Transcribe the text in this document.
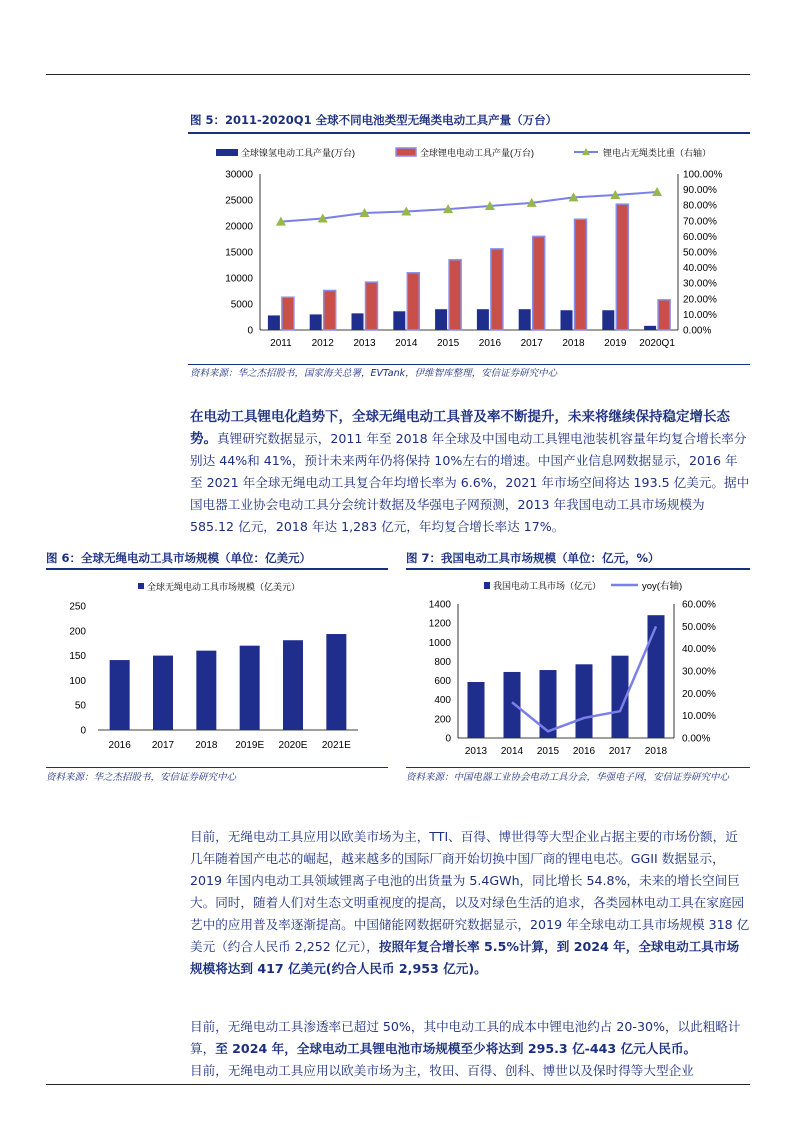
图 5：2011-2020Q1 全球不同电池类型无绳类电动工具产量（万台）
全球镍氢电动工具产量(万台)	全球锂电电动工具产量(万台)	锂电占无绳类比重（右轴）
0
5000
10000
15000
20000
25000
30000
0.00%
10.00%
20.00%
30.00%
40.00%
50.00%
60.00%
70.00%
80.00%
90.00%
100.00%
2011 2012 2013 2014 2015 2016 2017 2018 2019 2020Q1
资料来源：华之杰招股书，国家海关总署，EVTank，伊维智库整理，安信证券研究中心
在电动工具锂电化趋势下，全球无绳电动工具普及率不断提升，未来将继续保持稳定增长态势。真锂研究数据显示，2011 年至 2018 年全球及中国电动工具锂电池装机容量年均复合增长率分别达 44%和 41%，预计未来两年仍将保持 10%左右的增速。中国产业信息网数据显示，2016 年至 2021 年全球无绳电动工具复合年均增长率为 6.6%，2021 年市场空间将达 193.5 亿美元。据中国电器工业协会电动工具分会统计数据及华强电子网预测，2013 年我国电动工具市场规模为 585.12 亿元，2018 年达 1,283 亿元，年均复合增长率达 17%。
图 6：全球无绳电动工具市场规模（单位：亿美元）
全球无绳电动工具市场规模（亿美元）
0
50
100
150
200
250
2016 2017 2018 2019E 2020E 2021E
资料来源：华之杰招股书，安信证券研究中心
图 7：我国电动工具市场规模（单位：亿元，%）
我国电动工具市场（亿元）	yoy(右轴)
0
200
400
600
800
1000
1200
1400
0.00%
10.00%
20.00%
30.00%
40.00%
50.00%
60.00%
2013 2014 2015 2016 2017 2018
资料来源：中国电器工业协会电动工具分会，华强电子网，安信证券研究中心
目前，无绳电动工具应用以欧美市场为主，TTI、百得、博世得等大型企业占据主要的市场份额，近几年随着国产电芯的崛起，越来越多的国际厂商开始切换中国厂商的锂电电芯。GGII 数据显示，2019 年国内电动工具领域锂离子电池的出货量为 5.4GWh，同比增长 54.8%，未来的增长空间巨大。同时，随着人们对生态文明重视度的提高，以及对绿色生活的追求，各类园林电动工具在家庭园艺中的应用普及率逐渐提高。中国储能网数据研究数据显示，2019 年全球电动工具市场规模 318 亿美元（约合人民币 2,252 亿元），按照年复合增长率 5.5%计算，到 2024 年，全球电动工具市场规模将达到 417 亿美元(约合人民币 2,953 亿元)。
目前，无绳电动工具渗透率已超过 50%，其中电动工具的成本中锂电池约占 20-30%，以此粗略计算，至 2024 年，全球电动工具锂电池市场规模至少将达到 295.3 亿-443 亿元人民币。
目前，无绳电动工具应用以欧美市场为主，牧田、百得、创科、博世以及保时得等大型企业
